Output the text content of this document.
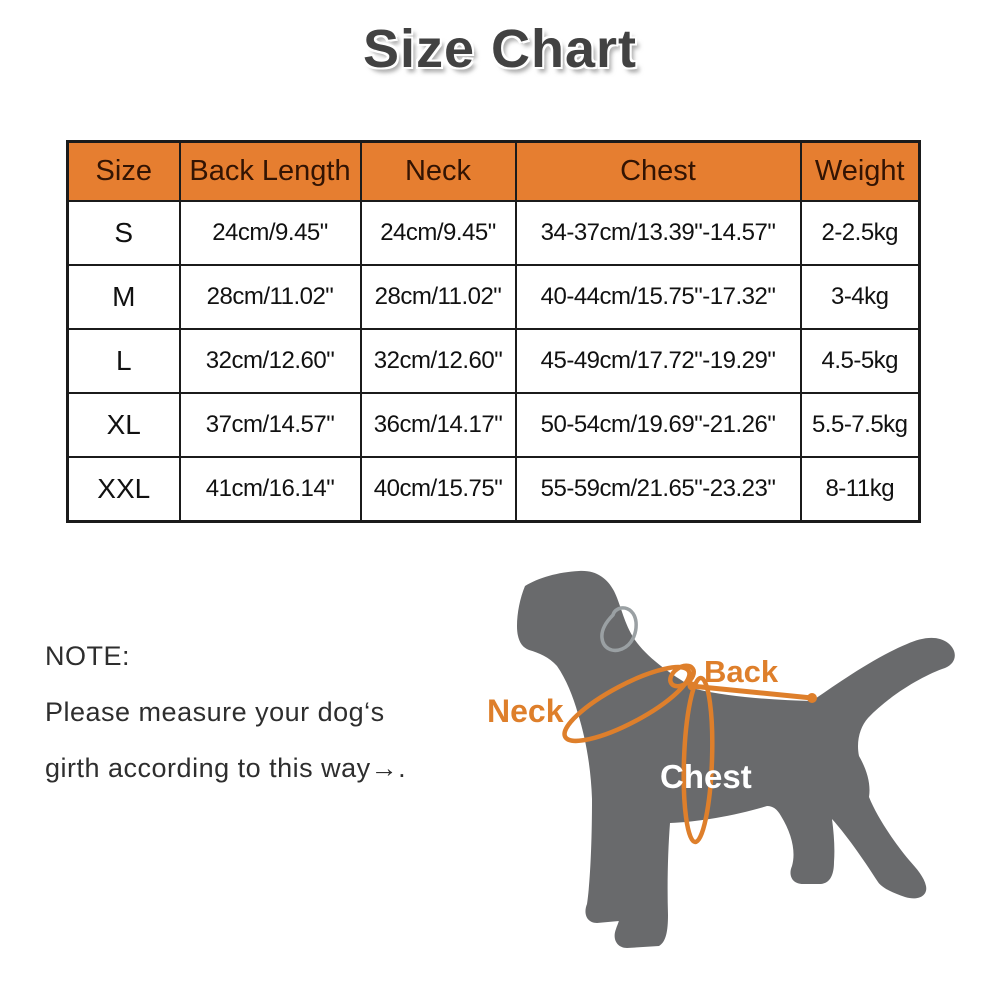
Size Chart
Size	Back Length	Neck	Chest	Weight
S	24cm/9.45"	24cm/9.45"	34-37cm/13.39"-14.57"	2-2.5kg
M	28cm/11.02"	28cm/11.02"	40-44cm/15.75"-17.32"	3-4kg
L	32cm/12.60"	32cm/12.60"	45-49cm/17.72"-19.29"	4.5-5kg
XL	37cm/14.57"	36cm/14.17"	50-54cm/19.69"-21.26"	5.5-7.5kg
XXL	41cm/16.14"	40cm/15.75"	55-59cm/21.65"-23.23"	8-11kg
NOTE:
Please measure your dog‘s
girth according to this way→.
Neck
Back
Chest
